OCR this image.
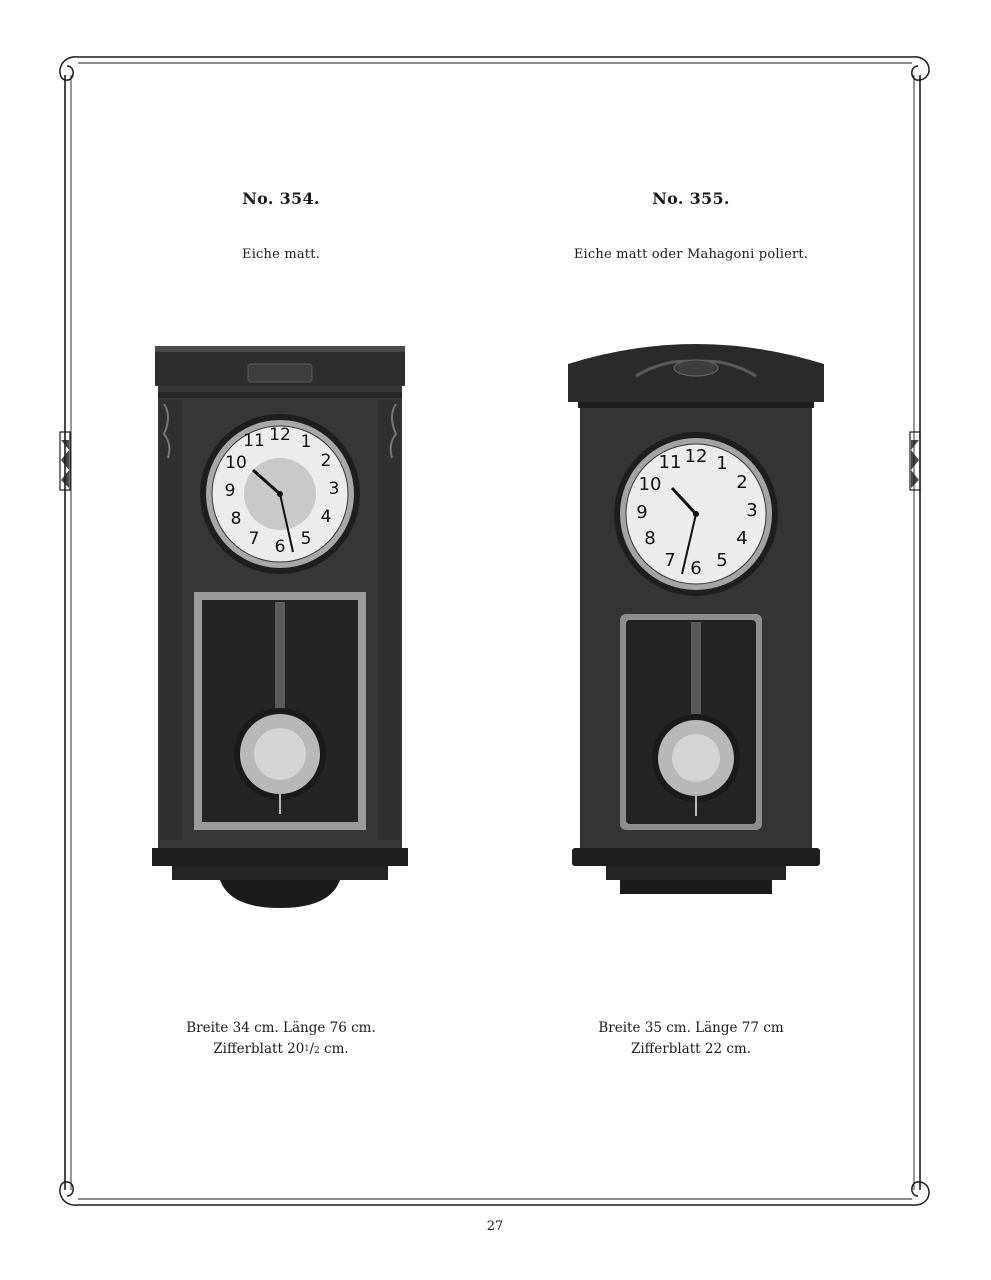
No. 354.
Eiche matt.
No. 355.
Eiche matt oder Mahagoni poliert.
12 1
2
3
4
5
6
7
8
9
10
11
12 1
2
3
4
5
6
7
8
9
10
11
Breite 34 cm. Länge 76 cm.
Zifferblatt $20^1/2$ cm.
Breite 35 cm. Länge 77 cm
Zifferblatt 22 cm.
27
